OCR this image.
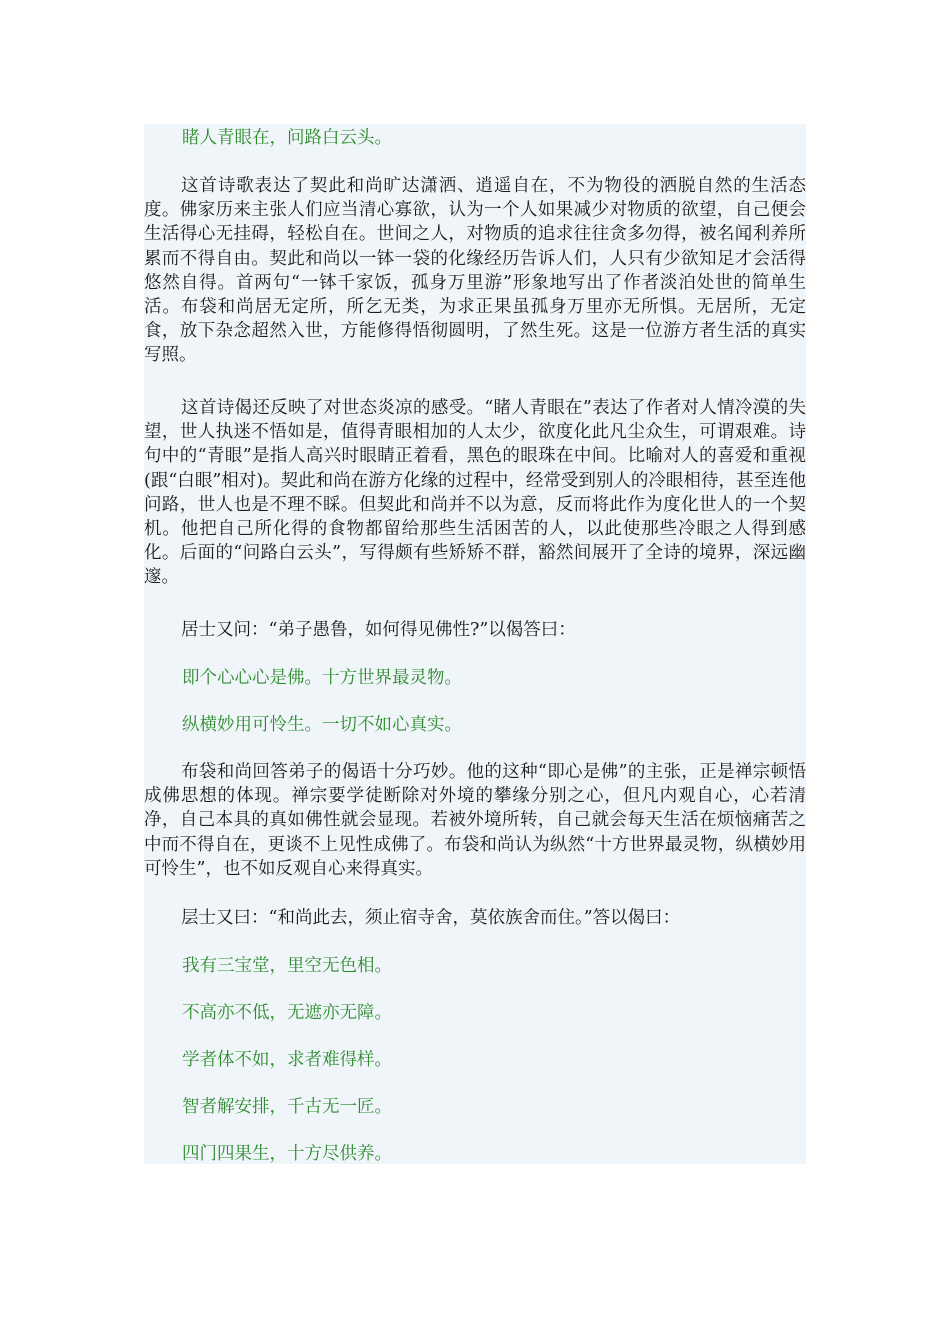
睹人青眼在，问路白云头。

这首诗歌表达了契此和尚旷达潇洒、逍遥自在，不为物役的洒脱自然的生活态度。佛家历来主张人们应当清心寡欲，认为一个人如果减少对物质的欲望，自己便会生活得心无挂碍，轻松自在。世间之人，对物质的追求往往贪多勿得，被名闻利养所累而不得自由。契此和尚以一钵一袋的化缘经历告诉人们，人只有少欲知足才会活得悠然自得。首两句“一钵千家饭，孤身万里游”形象地写出了作者淡泊处世的简单生活。布袋和尚居无定所，所乞无类，为求正果虽孤身万里亦无所惧。无居所，无定食，放下杂念超然入世，方能修得悟彻圆明，了然生死。这是一位游方者生活的真实写照。

这首诗偈还反映了对世态炎凉的感受。“睹人青眼在”表达了作者对人情冷漠的失望，世人执迷不悟如是，值得青眼相加的人太少，欲度化此凡尘众生，可谓艰难。诗句中的“青眼”是指人高兴时眼睛正着看，黑色的眼珠在中间。比喻对人的喜爱和重视(跟“白眼”相对)。契此和尚在游方化缘的过程中，经常受到别人的冷眼相待，甚至连他问路，世人也是不理不睬。但契此和尚并不以为意，反而将此作为度化世人的一个契机。他把自己所化得的食物都留给那些生活困苦的人，以此使那些冷眼之人得到感化。后面的“问路白云头”，写得颇有些矫矫不群，豁然间展开了全诗的境界，深远幽邃。

居士又问：“弟子愚鲁，如何得见佛性?”以偈答曰：

即个心心心是佛。十方世界最灵物。

纵横妙用可怜生。一切不如心真实。

布袋和尚回答弟子的偈语十分巧妙。他的这种“即心是佛”的主张，正是禅宗顿悟成佛思想的体现。禅宗要学徒断除对外境的攀缘分别之心，但凡内观自心，心若清净，自己本具的真如佛性就会显现。若被外境所转，自己就会每天生活在烦恼痛苦之中而不得自在，更谈不上见性成佛了。布袋和尚认为纵然“十方世界最灵物，纵横妙用可怜生”，也不如反观自心来得真实。

层士又曰：“和尚此去，须止宿寺舍，莫依族舍而住。”答以偈曰：

我有三宝堂，里空无色相。

不高亦不低，无遮亦无障。

学者体不如，求者难得样。

智者解安排，千古无一匠。

四门四果生，十方尽供养。
